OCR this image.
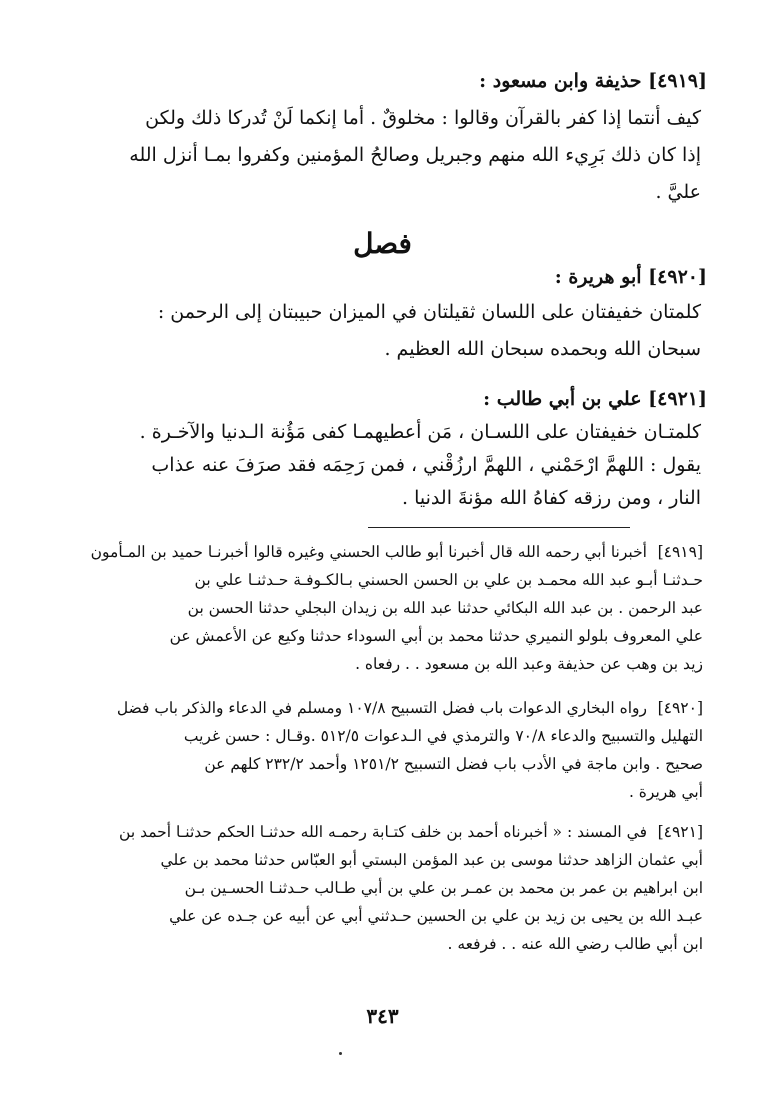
[٤٩١٩] حذيفة وابن مسعود :

كيف أنتما إذا كفر بالقرآن وقالوا : مخلوقٌ . أما إنكما لَنْ تُدركا ذلك ولكن

إذا كان ذلك بَرِيء الله منهم وجبريل وصالحُ المؤمنين وكفروا بمـا أنزل الله

عليَّ .

فصل
[٤٩٢٠] أبو هريرة :

كلمتان خفيفتان على اللسان ثقيلتان في الميزان حبيبتان إلى الرحمن :

سبحان الله وبحمده سبحان الله العظيم .

[٤٩٢١] علي بن أبي طالب :

كلمتـان خفيفتان على اللسـان ، مَن أعطيهمـا كفى مَؤُنة الـدنيا والآخـرة .

يقول : اللهمَّ ارْحَمْني ، اللهمَّ ارزُقْني ، فمن رَحِمَه فقد صرَفَ عنه عذاب

النار ، ومن رزقه كفاهُ الله مؤنةَ الدنيا .

[٤٩١٩]

أخبرنا أبي رحمه الله قال أخبرنا أبو طالب الحسني وغيره قالوا أخبرنـا حميد بن المـأمون

حـدثنـا أبـو عبد الله محمـد بن علي بن الحسن الحسني بـالكـوفـة حـدثنـا علي بن

عبد الرحمن . بن عبد الله البكائي حدثنا عبد الله بن زيدان البجلي حدثنا الحسن بن

علي المعروف بلولو النميري حدثنا محمد بن أبي السوداء حدثنا وكيع عن الأعمش عن

زيد بن وهب عن حذيفة وعبد الله بن مسعود . . رفعاه .

[٤٩٢٠]

رواه البخاري الدعوات باب فضل التسبيح ١٠٧/٨ ومسلم في الدعاء والذكر باب فضل

التهليل والتسبيح والدعاء ٧٠/٨ والترمذي في الـدعوات ٥١٢/٥ .وقـال : حسن غريب

صحيح . وابن ماجة في الأدب باب فضل التسبيح ١٢٥١/٢ وأحمد ٢٣٢/٢ كلهم عن

أبي هريرة .

[٤٩٢١]

في المسند : « أخبرناه أحمد بن خلف كتـابة رحمـه الله حدثنـا الحكم حدثنـا أحمد بن

أبي عثمان الزاهد حدثنا موسى بن عبد المؤمن البستي أبو العبّاس حدثنا محمد بن علي

ابن ابراهيم بن عمر بن محمد بن عمـر بن علي بن أبي طـالب حـدثنـا الحسـين بـن

عبـد الله بن يحيى بن زيد بن علي بن الحسين حـدثني أبي عن أبيه عن جـده عن علي

ابن أبي طالب رضي الله عنه . . فرفعه .

٣٤٣
